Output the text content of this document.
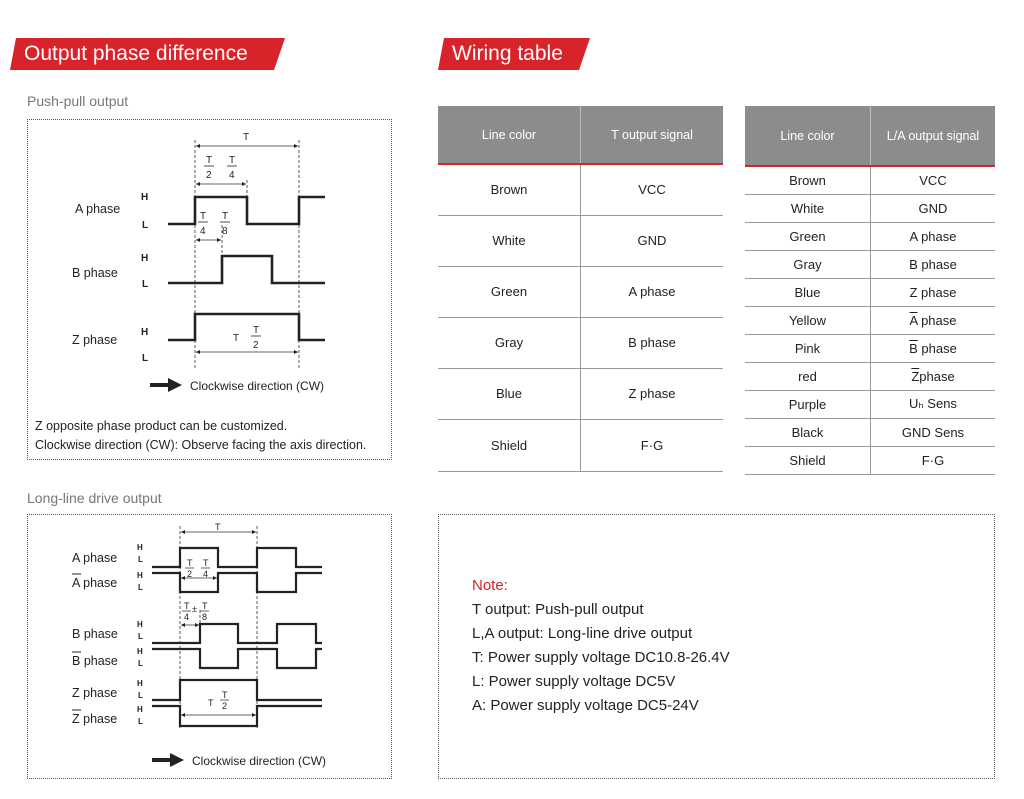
Output phase difference	Wiring table
Push-pull output
T
T
2
T
4
T
4
T
8
T
T
2
A phase
B phase
Z phase
H
L
H
L
H
L
Clockwise direction (CW)
Z opposite phase product can be customized.
Clockwise direction (CW): Observe facing the axis direction.
Long-line drive output
T
T
2
T
4
T
4
± T
8
T
T
2
A phase
A phase
B phase
B phase
Z phase
Z phase
H
L
H
L
H
L
H
L
H
L
H
L
Clockwise direction (CW)
Line color	T output signal
Brown	VCC
White	GND
Green	A phase
Gray	B phase
Blue	Z phase
Shield	F·G
Line color	L/A output signal
Brown	VCC
White	GND
Green	A phase
Gray	B phase
Blue	Z phase
Yellow	$\overline{A}$ phase
Pink	$\overline{B}$ phase
red	$\overline{Z}phase$
Purple	Uₕ Sens
Black	GND Sens
Shield	F·G
Note:
T output: Push-pull output
L,A output: Long-line drive output
T: Power supply voltage DC10.8-26.4V
L: Power supply voltage DC5V
A: Power supply voltage DC5-24V
